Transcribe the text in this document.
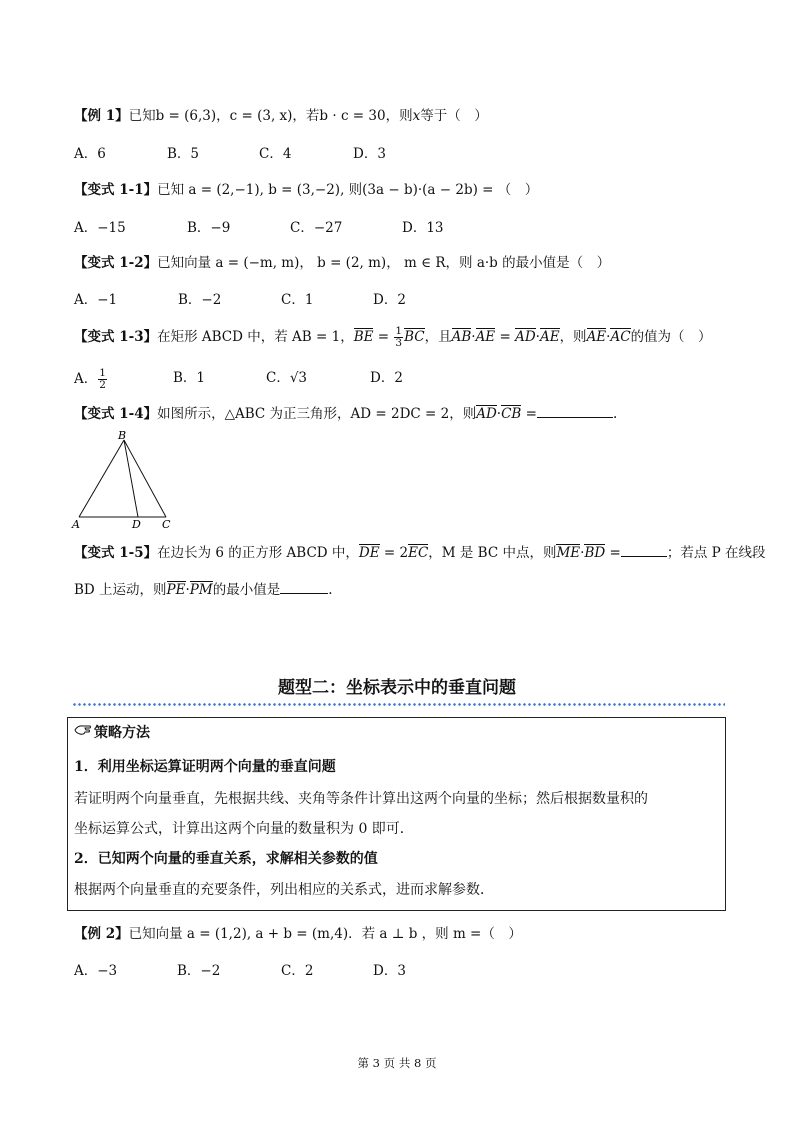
【例 1】已知b = (6,3)，c = (3, x)，若b · c = 30，则x等于（　）
A．6	B．5	C．4	D．3
【变式 1-1】已知 a = (2,−1), b = (3,−2), 则(3a − b)·(a − 2b) = （　）
A．−15	B．−9	C．−27	D．13
【变式 1-2】已知向量 a = (−m, m)， b = (2, m)， m ∈ R，则 a·b 的最小值是（　）
A．−1	B．−2	C．1	D．2
【变式 1-3】在矩形 ABCD 中，若 AB = 1，BE = $\frac{1}{3}$ BC，且AB·AE = AD·AE，则AE·AC的值为（　）
A． $\frac{1}{2}$	B．1	C．√3	D．2
【变式 1-4】如图所示，△ABC 为正三角形，AD = 2DC = 2，则AD·CB =	.
B
A	D C
【变式 1-5】在边长为 6 的正方形 ABCD 中，DE = 2EC，M 是 BC 中点，则ME·BD =	；若点 P 在线段
BD 上运动，则PE·PM的最小值是	.
题型二：坐标表示中的垂直问题
策略方法
1．利用坐标运算证明两个向量的垂直问题
若证明两个向量垂直，先根据共线、夹角等条件计算出这两个向量的坐标；然后根据数量积的
坐标运算公式，计算出这两个向量的数量积为 0 即可．
2．已知两个向量的垂直关系，求解相关参数的值
根据两个向量垂直的充要条件，列出相应的关系式，进而求解参数．
【例 2】已知向量 a = (1,2), a + b = (m,4)．若 a ⊥ b ，则 m =（　）
A．−3	B．−2	C．2	D．3
第 3 页 共 8 页
